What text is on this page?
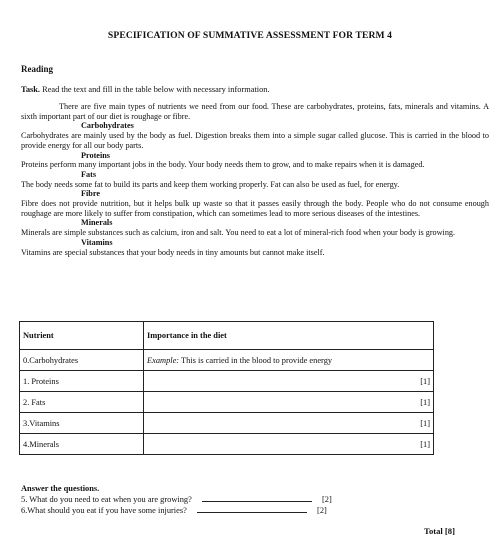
SPECIFICATION OF SUMMATIVE ASSESSMENT FOR TERM 4
Reading
Task. Read the text and fill in the table below with necessary information.

There are five main types of nutrients we need from our food. These are carbohydrates, proteins, fats, minerals and vitamins. A sixth important part of our diet is roughage or fibre.

Carbohydrates

Carbohydrates are mainly used by the body as fuel. Digestion breaks them into a simple sugar called glucose. This is carried in the blood to provide energy for all our body parts.

Proteins

Proteins perform many important jobs in the body. Your body needs them to grow, and to make repairs when it is damaged.

Fats

The body needs some fat to build its parts and keep them working properly. Fat can also be used as fuel, for energy.

Fibre

Fibre does not provide nutrition, but it helps bulk up waste so that it passes easily through the body. People who do not consume enough roughage are more likely to suffer from constipation, which can sometimes lead to more serious diseases of the intestines.

Minerals

Minerals are simple substances such as calcium, iron and salt. You need to eat a lot of mineral-rich food when your body is growing.

Vitamins

Vitamins are special substances that your body needs in tiny amounts but cannot make itself.

Nutrient	Importance in the diet
0.Carbohydrates	Example: This is carried in the blood to provide energy
1. Proteins	[1]

2. Fats	[1]

3.Vitamins	[1]

4.Minerals	[1]
Answer the questions.
5. What do you need to eat when you are growing?	[2]
6.What should you eat if you have some injuries?	[2]
Total [8]
